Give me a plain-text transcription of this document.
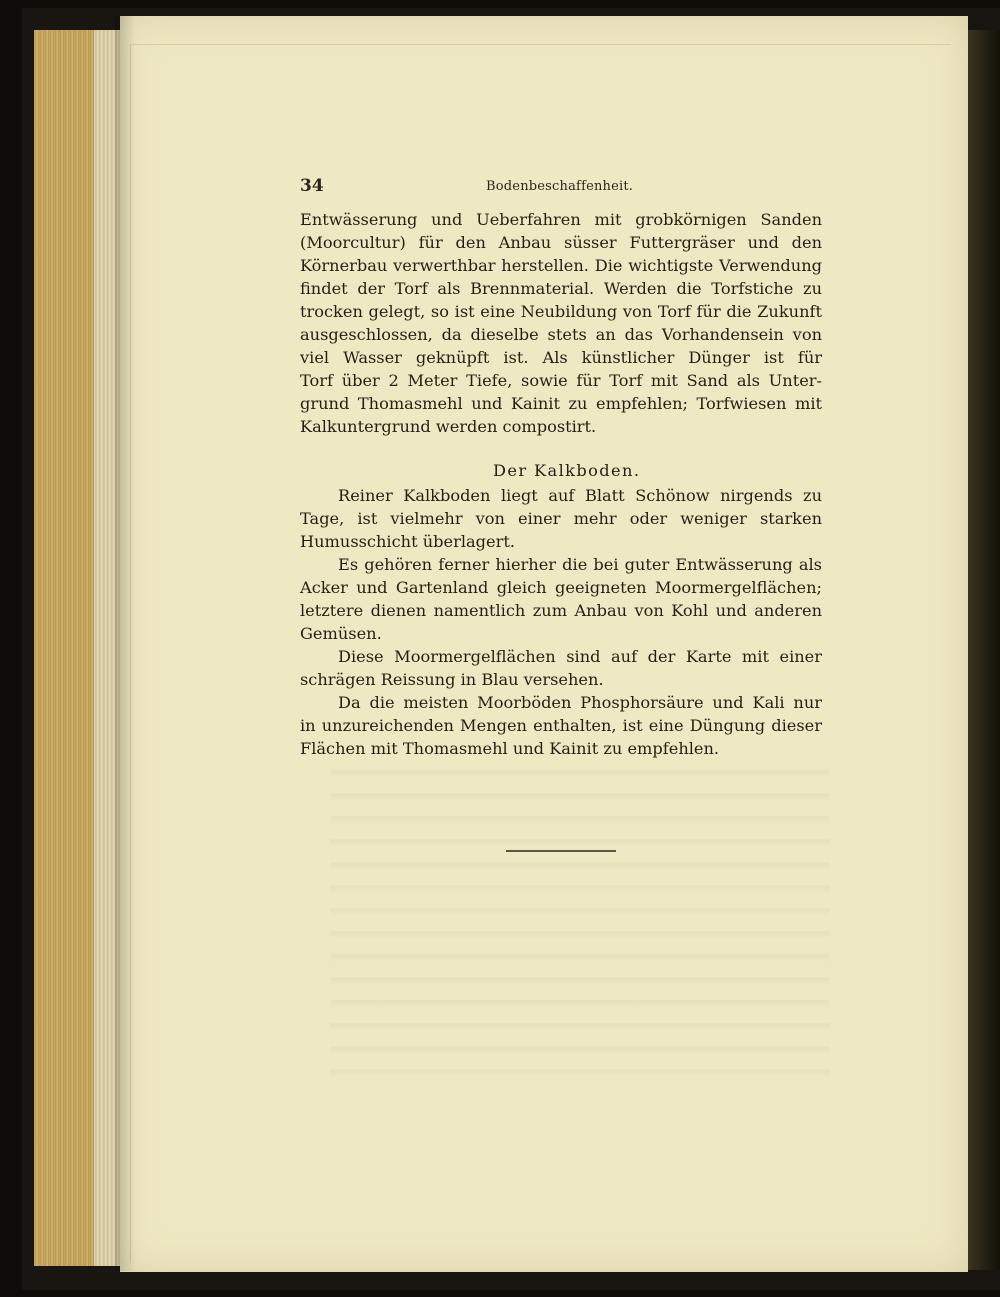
34	Bodenbeschaffenheit.
Entwässerung und Ueberfahren mit grobkörnigen Sanden
(Moorcultur) für den Anbau süsser Futtergräser und den
Körnerbau verwerthbar herstellen. Die wichtigste Verwendung
findet der Torf als Brennmaterial. Werden die Torfstiche zu
trocken gelegt, so ist eine Neubildung von Torf für die Zukunft
ausgeschlossen, da dieselbe stets an das Vorhandensein von
viel Wasser geknüpft ist. Als künstlicher Dünger ist für
Torf über 2 Meter Tiefe, sowie für Torf mit Sand als Unter-
grund Thomasmehl und Kainit zu empfehlen; Torfwiesen mit
Kalkuntergrund werden compostirt.
Der Kalkboden.
Reiner Kalkboden liegt auf Blatt Schönow nirgends zu
Tage, ist vielmehr von einer mehr oder weniger starken
Humusschicht überlagert.
Es gehören ferner hierher die bei guter Entwässerung als
Acker und Gartenland gleich geeigneten Moormergelflächen;
letztere dienen namentlich zum Anbau von Kohl und anderen
Gemüsen.
Diese Moormergelflächen sind auf der Karte mit einer
schrägen Reissung in Blau versehen.
Da die meisten Moorböden Phosphorsäure und Kali nur
in unzureichenden Mengen enthalten, ist eine Düngung dieser
Flächen mit Thomasmehl und Kainit zu empfehlen.
